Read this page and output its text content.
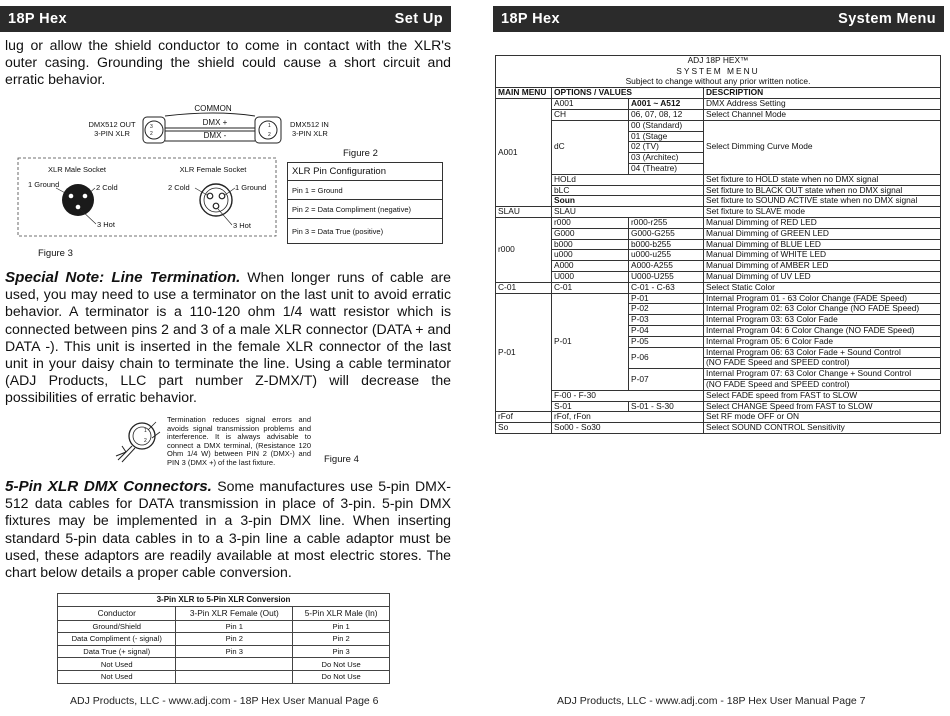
18P Hex	Set Up

lug or allow the shield conductor to come in contact with the XLR's outer casing. Grounding the shield could cause a short circuit and erratic behavior.

COMMON
DMX +
DMX -
DMX512 OUT
3-PIN XLR
DMX512 IN
3-PIN XLR
3
2
1
2
Figure 2
XLR Male Socket	XLR Female Socket
1 Ground	2 Cold
3 Hot
2 Cold	1 Ground
3 Hot
Figure 3
XLR Pin Configuration
Pin 1 = Ground
Pin 2 = Data Compliment (negative)
Pin 3 = Data True (positive)

Special Note: Line Termination. When longer runs of cable are used, you may need to use a terminator on the last unit to avoid erratic behavior. A terminator is a 110-120 ohm 1/4 watt resistor which is connected between pins 2 and 3 of a male XLR connector (DATA + and DATA -). This unit is inserted in the female XLR connector of the last unit in your daisy chain to terminate the line. Using a cable terminator (ADJ Products, LLC part number Z-DMX/T) will decrease the possibilities of erratic behavior.

1
2

Termination reduces signal errors and avoids signal transmission problems and interference. It is always advisable to connect a DMX terminal, (Resistance 120 Ohm 1/4 W) between PIN 2 (DMX-) and PIN 3 (DMX +) of the last fixture.	Figure 4

5-Pin XLR DMX Connectors. Some manufactures use 5-pin DMX-512 data cables for DATA transmission in place of 3-pin. 5-pin DMX fixtures may be implemented in a 3-pin DMX line. When inserting standard 5-pin data cables in to a 3-pin line a cable adaptor must be used, these adaptors are readily available at most electric stores. The chart below details a proper cable conversion.

3-Pin XLR to 5-Pin XLR Conversion		
Conductor	3-Pin XLR Female (Out)	5-Pin XLR Male (In)
Ground/Shield	Pin 1	Pin 1
Data Compliment (- signal)	Pin 2	Pin 2
Data True (+ signal)	Pin 3	Pin 3
Not Used		Do Not Use
Not Used		Do Not Use
ADJ Products, LLC - www.adj.com - 18P Hex User Manual Page 6
18P Hex	System Menu
ADJ Products, LLC - www.adj.com - 18P Hex User Manual Page 7
ADJ 18P HEX™			
SYSTEM MENU			
Subject to change without any prior written notice.			
MAIN MENU	OPTIONS / VALUES		DESCRIPTION
A001	A001	A001 ~ A512	DMX Address Setting
	CH	06, 07, 08, 12	Select Channel Mode
	dC	00 (Standard)	Select Dimming Curve Mode
		01 (Stage	
		02 (TV)	
		03 (Architec)	
		04 (Theatre)	
	HOLd		Set fixture to HOLD state when no DMX signal
	bLC		Set fixture to BLACK OUT state when no DMX signal
	Soun		Set fixture to SOUND ACTIVE state when no DMX signal
SLAU	SLAU		Set fixture to SLAVE mode
r000	r000	r000-r255	Manual Dimming of RED LED
	G000	G000-G255	Manual Dimming of GREEN LED
	b000	b000-b255	Manual Dimming of BLUE LED
	u000	u000-u255	Manual Dimming of WHITE LED
	A000	A000-A255	Manual Dimming of AMBER LED
	U000	U000-U255	Manual Dimming of UV LED
C-01	C-01	C-01 - C-63	Select Static Color
P-01	P-01	P-01	Internal Program 01 - 63 Color Change (FADE Speed)
		P-02	Internal Program 02: 63 Color Change (NO FADE Speed)
		P-03	Internal Program 03: 63 Color Fade
		P-04	Internal Program 04: 6 Color Change (NO FADE Speed)
		P-05	Internal Program 05: 6 Color Fade
		P-06	Internal Program 06: 63 Color Fade + Sound Control
			(NO FADE Speed and SPEED control)
		P-07	Internal Program 07: 63 Color Change + Sound Control
			(NO FADE Speed and SPEED control)
	F-00 - F-30		Select FADE speed from FAST to SLOW
	S-01	S-01 - S-30	Select CHANGE Speed from FAST to SLOW
rFof	rFof, rFon		Set RF mode OFF or ON
So	So00 - So30		Select SOUND CONTROL Sensitivity
